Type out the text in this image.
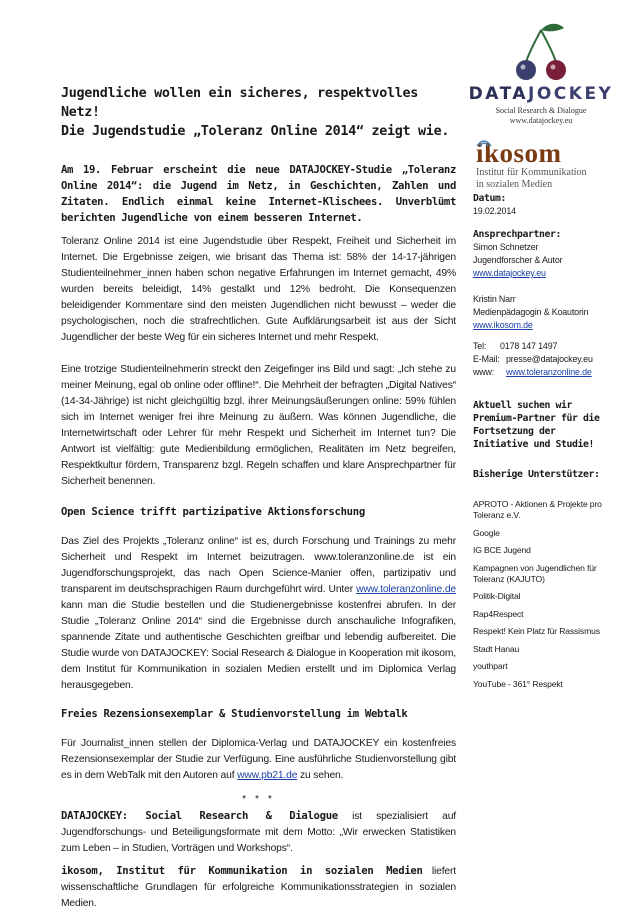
Jugendliche wollen ein sicheres, respektvolles Netz!
Die Jugendstudie „Toleranz Online 2014“ zeigt wie.

Am 19. Februar erscheint die neue DATAJOCKEY-Studie „Toleranz Online 2014“: die Jugend im Netz, in Geschichten, Zahlen und Zitaten. Endlich einmal keine Internet-Klischees. Unverblümt berichten Jugendliche von einem besseren Internet.

Toleranz Online 2014 ist eine Jugendstudie über Respekt, Freiheit und Sicherheit im Internet. Die Ergebnisse zeigen, wie brisant das Thema ist: 58% der 14-17-jährigen Studienteilnehmer_innen haben schon negative Erfahrungen im Internet gemacht, 49% wurden bereits beleidigt, 14% gestalkt und 12% bedroht. Die Konsequenzen beleidigender Kommentare sind den meisten Jugendlichen nicht bewusst – weder die psychologischen, noch die strafrechtlichen. Gute Aufklärungsarbeit ist aus der Sicht Jugendlicher der beste Weg für ein sicheres Internet und mehr Respekt.

Eine trotzige Studienteilnehmerin streckt den Zeigefinger ins Bild und sagt: „Ich stehe zu meiner Meinung, egal ob online oder offline!“. Die Mehrheit der befragten „Digital Natives“ (14-34-Jährige) ist nicht gleichgültig bzgl. ihrer Meinungsäußerungen online: 59% fühlen sich im Internet weniger frei ihre Meinung zu äußern. Was können Jugendliche, die Internetwirtschaft oder Lehrer für mehr Respekt und Sicherheit im Internet tun? Die Antwort ist vielfältig: gute Medienbildung ermöglichen, Realitäten im Netz begreifen, Respektkultur fördern, Transparenz bzgl. Regeln schaffen und klare Ansprechpartner für Sicherheit benennen.

Open Science trifft partizipative Aktionsforschung

Das Ziel des Projekts „Toleranz online“ ist es, durch Forschung und Trainings zu mehr Sicherheit und Respekt im Internet beizutragen. www.toleranzonline.de ist ein Jugendforschungsprojekt, das nach Open Science-Manier offen, partizipativ und transparent im deutschsprachigen Raum durchgeführt wird. Unter www.toleranzonline.de kann man die Studie bestellen und die Studienergebnisse kostenfrei abrufen. In der Studie „Toleranz Online 2014“ sind die Ergebnisse durch anschauliche Infografiken, spannende Zitate und authentische Geschichten greifbar und lebendig aufbereitet. Die Studie wurde von DATAJOCKEY: Social Research & Dialogue in Kooperation mit ikosom, dem Institut für Kommunikation in sozialen Medien erstellt und im Diplomica Verlag herausgegeben.

Freies Rezensionsexemplar & Studienvorstellung im Webtalk

Für Journalist_innen stellen der Diplomica-Verlag und DATAJOCKEY ein kostenfreies Rezensionsexemplar der Studie zur Verfügung. Eine ausführliche Studienvorstellung gibt es in dem WebTalk mit den Autoren auf www.pb21.de zu sehen.

* * *

DATAJOCKEY: Social Research & Dialogue ist spezialisiert auf Jugendforschungs- und Beteiligungsformate mit dem Motto: „Wir erwecken Statistiken zum Leben – in Studien, Vorträgen und Workshops“.

ikosom, Institut für Kommunikation in sozialen Medien liefert wissenschaftliche Grundlagen für erfolgreiche Kommunikationsstrategien in sozialen Medien.

DATAJOCKEY
Social Research & Dialogue
www.datajockey.eu
ikosom
Institut für Kommunikation
in sozialen Medien

Datum:

19.02.2014

Ansprechpartner:

Simon Schnetzer

Jugendforscher & Autor

www.datajockey.eu

Kristin Narr

Medienpädagogin & Koautorin

www.ikosom.de

Tel:	0178 147 1497
E-Mail: presse@datajockey.eu
www:	www.toleranzonline.de

Aktuell suchen wir Premium-Partner für die Fortsetzung der Initiative und Studie!

Bisherige Unterstützer:

APROTO - Aktionen & Projekte pro Toleranz e.V.
Google
IG BCE Jugend
Kampagnen von Jugendlichen für Toleranz (KAJUTO)
Politik-Digital
Rap4Respect
Respekt! Kein Platz für Rassismus
Stadt Hanau
youthpart
YouTube - 361° Respekt
